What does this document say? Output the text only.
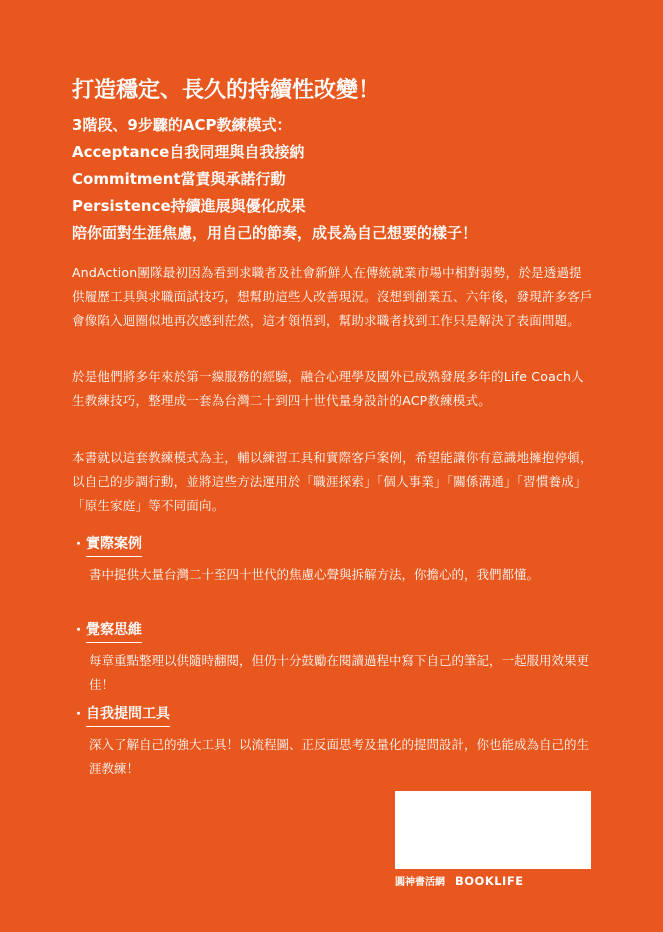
打造穩定、長久的持續性改變！
3階段、9步驟的ACP教練模式：
Acceptance自我同理與自我接納
Commitment當責與承諾行動
Persistence持續進展與優化成果
陪你面對生涯焦慮，用自己的節奏，成長為自己想要的樣子！
AndAction團隊最初因為看到求職者及社會新鮮人在傳統就業市場中相對弱勢，於是透過提供履歷工具與求職面試技巧，想幫助這些人改善現況。沒想到創業五、六年後，發現許多客戶會像陷入迴圈似地再次感到茫然，這才領悟到，幫助求職者找到工作只是解決了表面問題。
於是他們將多年來於第一線服務的經驗，融合心理學及國外已成熟發展多年的Life Coach人生教練技巧，整理成一套為台灣二十到四十世代量身設計的ACP教練模式。
本書就以這套教練模式為主，輔以練習工具和實際客戶案例，希望能讓你有意識地擁抱停頓，以自己的步調行動，並將這些方法運用於「職涯探索」「個人事業」「關係溝通」「習慣養成」「原生家庭」等不同面向。
・ 實際案例
書中提供大量台灣二十至四十世代的焦慮心聲與拆解方法，你擔心的，我們都懂。
・ 覺察思維
每章重點整理以供隨時翻閱，但仍十分鼓勵在閱讀過程中寫下自己的筆記，一起服用效果更佳！
・ 自我提問工具
深入了解自己的強大工具！以流程圖、正反面思考及量化的提問設計，你也能成為自己的生涯教練！
圓神書活網 BOOKLIFE
